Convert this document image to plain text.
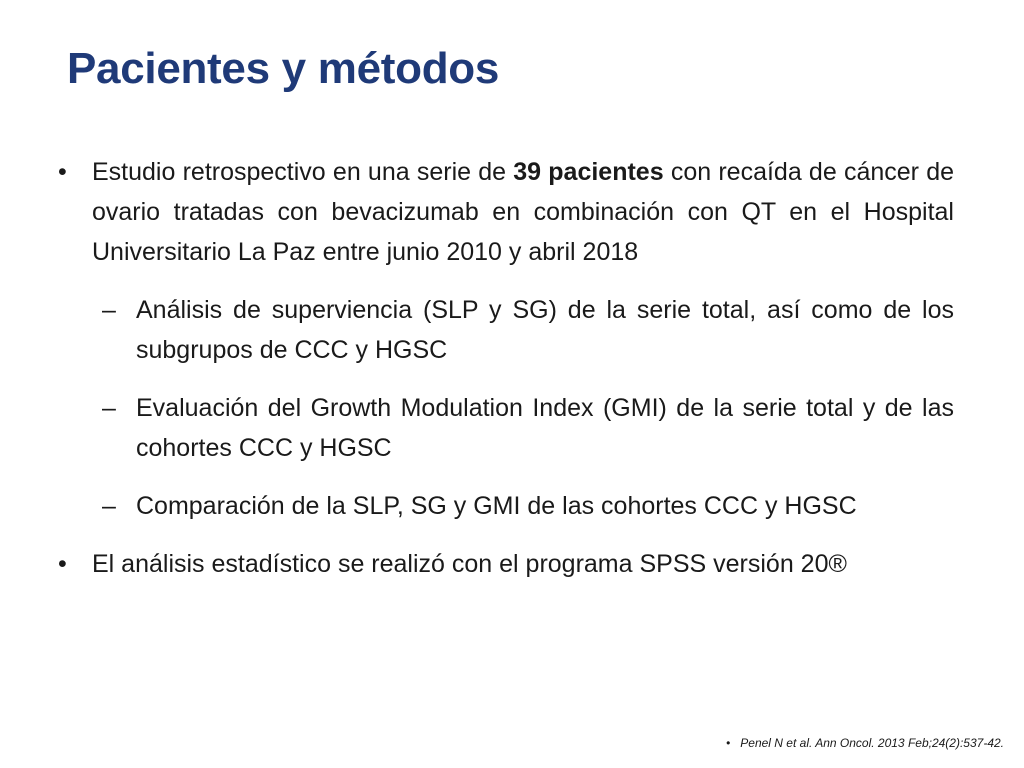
Pacientes y métodos
•	Estudio retrospectivo en una serie de 39 pacientes con recaída de cáncer de ovario tratadas con bevacizumab en combinación con QT en el Hospital Universitario La Paz entre junio 2010 y abril 2018
– Análisis de superviencia (SLP y SG) de la serie total, así como de los subgrupos de CCC y HGSC
– Evaluación del Growth Modulation Index (GMI) de la serie total y de las cohortes CCC y HGSC
– Comparación de la SLP, SG y GMI de las cohortes CCC y HGSC
•	El análisis estadístico se realizó con el programa SPSS versión 20®
• Penel N et al. Ann Oncol. 2013 Feb;24(2):537-42.
